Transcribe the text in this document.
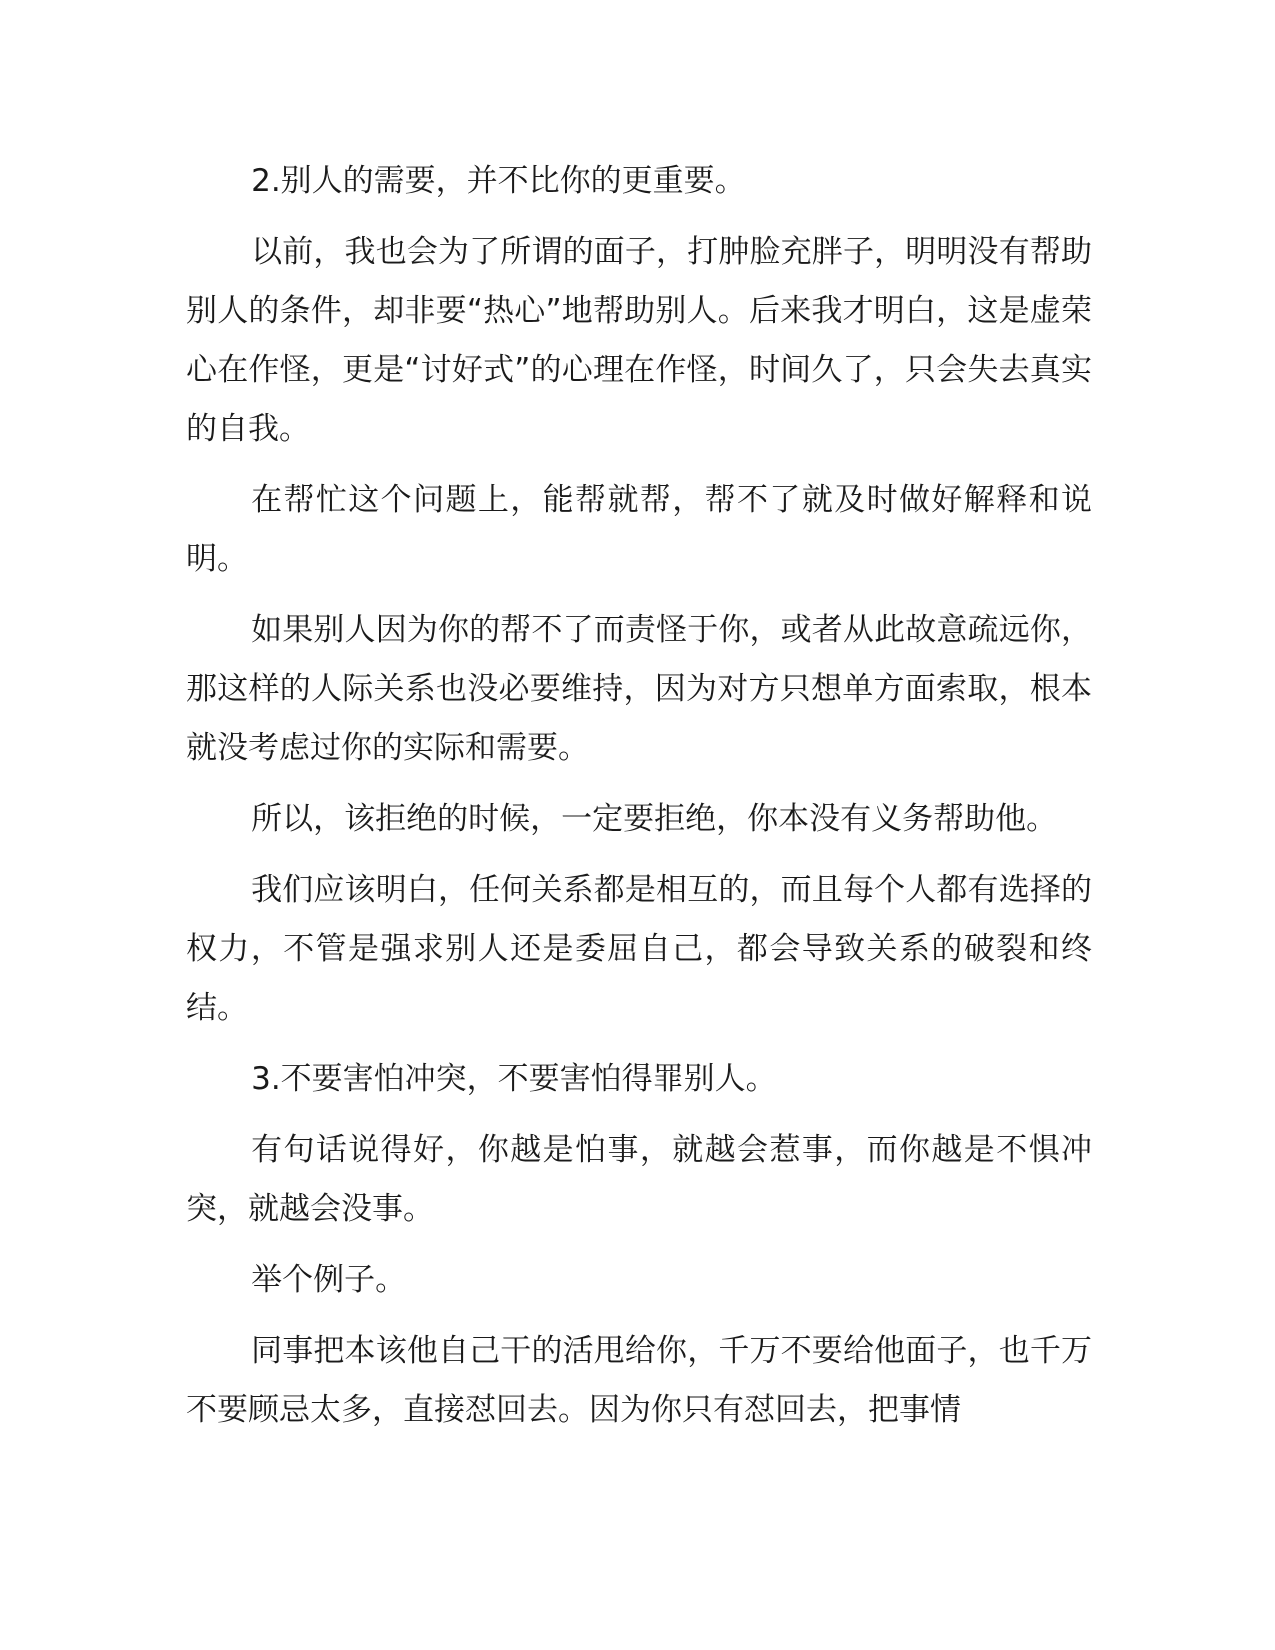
2.别人的需要，并不比你的更重要。

以前，我也会为了所谓的面子，打肿脸充胖子，明明没有帮助别人的条件，却非要“热心”地帮助别人。后来我才明白，这是虚荣心在作怪，更是“讨好式”的心理在作怪，时间久了，只会失去真实的自我。

在帮忙这个问题上，能帮就帮，帮不了就及时做好解释和说明。

如果别人因为你的帮不了而责怪于你，或者从此故意疏远你，那这样的人际关系也没必要维持，因为对方只想单方面索取，根本就没考虑过你的实际和需要。

所以，该拒绝的时候，一定要拒绝，你本没有义务帮助他。

我们应该明白，任何关系都是相互的，而且每个人都有选择的权力，不管是强求别人还是委屈自己，都会导致关系的破裂和终结。

3.不要害怕冲突，不要害怕得罪别人。

有句话说得好，你越是怕事，就越会惹事，而你越是不惧冲突，就越会没事。

举个例子。

同事把本该他自己干的活甩给你，千万不要给他面子，也千万不要顾忌太多，直接怼回去。因为你只有怼回去，把事情
